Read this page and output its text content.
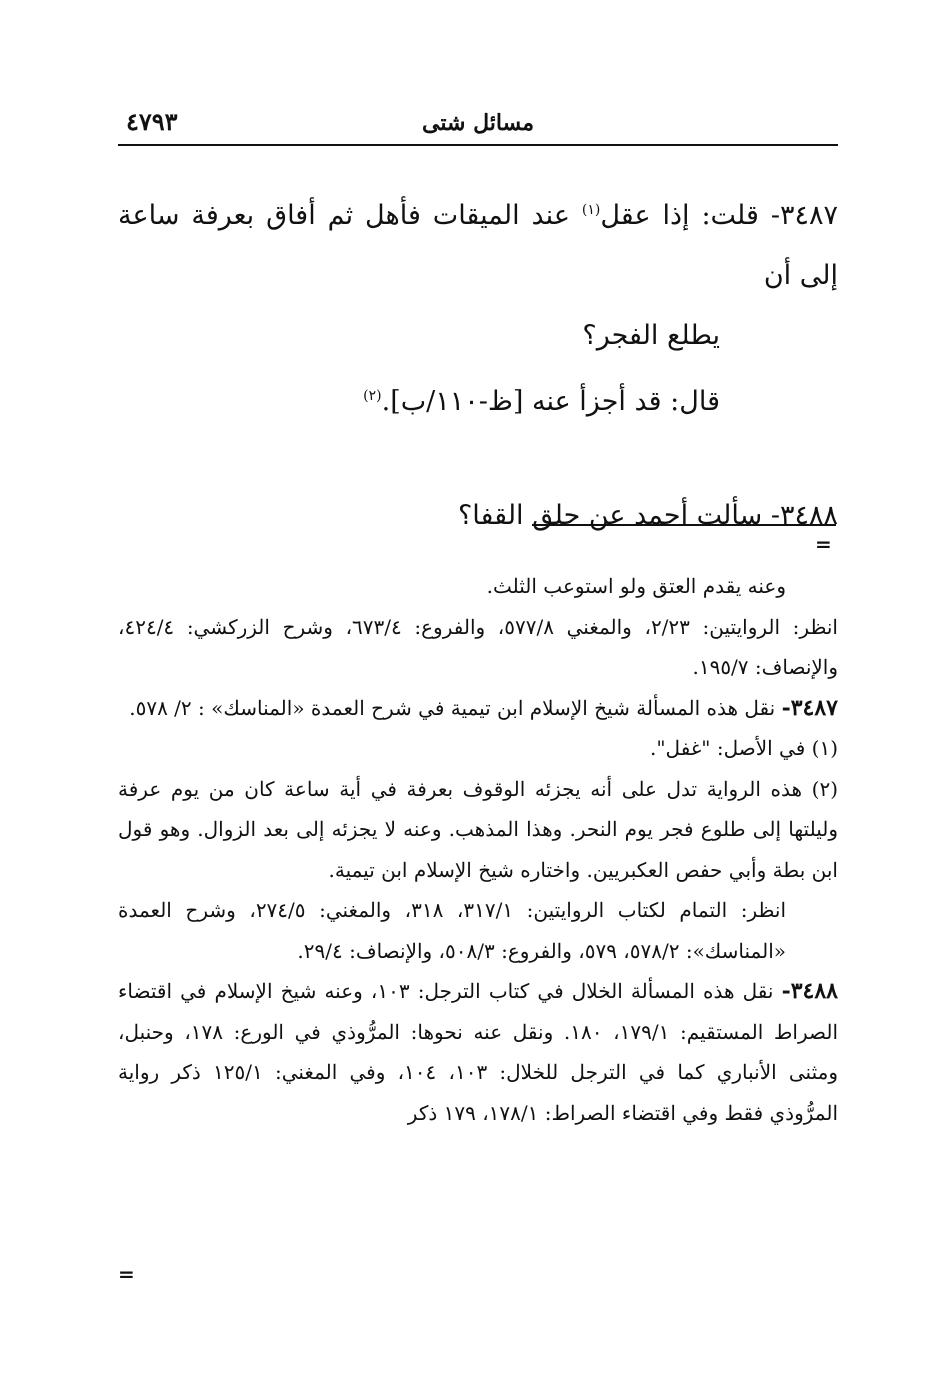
مسائل شتى
٤٧٩٣
٣٤٨٧- قلت: إذا عقل$^{(١)}$ عند الميقات فأهل ثم أفاق بعرفة ساعة إلى أن
يطلع الفجر؟
قال: قد أجزأ عنه [ظ-١١٠/ب].$^{(٢)}$
٣٤٨٨- سألت أحمد عن حلق القفا؟
=

وعنه يقدم العتق ولو استوعب الثلث.

انظر: الروايتين: ٢/٢٣، والمغني ٥٧٧/٨، والفروع: ٦٧٣/٤، وشرح الزركشي: ٤٢٤/٤، والإنصاف: ١٩٥/٧.

٣٤٨٧- نقل هذه المسألة شيخ الإسلام ابن تيمية في شرح العمدة «المناسك» : ٢/ ٥٧٨.

(١) في الأصل: "غفل".

(٢) هذه الرواية تدل على أنه يجزئه الوقوف بعرفة في أية ساعة كان من يوم عرفة وليلتها إلى طلوع فجر يوم النحر. وهذا المذهب. وعنه لا يجزئه إلى بعد الزوال. وهو قول ابن بطة وأبي حفص العكبريين. واختاره شيخ الإسلام ابن تيمية.

انظر: التمام لكتاب الروايتين: ٣١٧/١، ٣١٨، والمغني: ٢٧٤/٥، وشرح العمدة «المناسك»: ٥٧٨/٢، ٥٧٩، والفروع: ٥٠٨/٣، والإنصاف: ٢٩/٤.

٣٤٨٨- نقل هذه المسألة الخلال في كتاب الترجل: ١٠٣، وعنه شيخ الإسلام في اقتضاء الصراط المستقيم: ١٧٩/١، ١٨٠. ونقل عنه نحوها: المرُّوذي في الورع: ١٧٨، وحنبل، ومثنى الأنباري كما في الترجل للخلال: ١٠٣، ١٠٤، وفي المغني: ١٢٥/١ ذكر رواية المرُّوذي فقط وفي اقتضاء الصراط: ١٧٨/١، ١٧٩ ذكر

=
